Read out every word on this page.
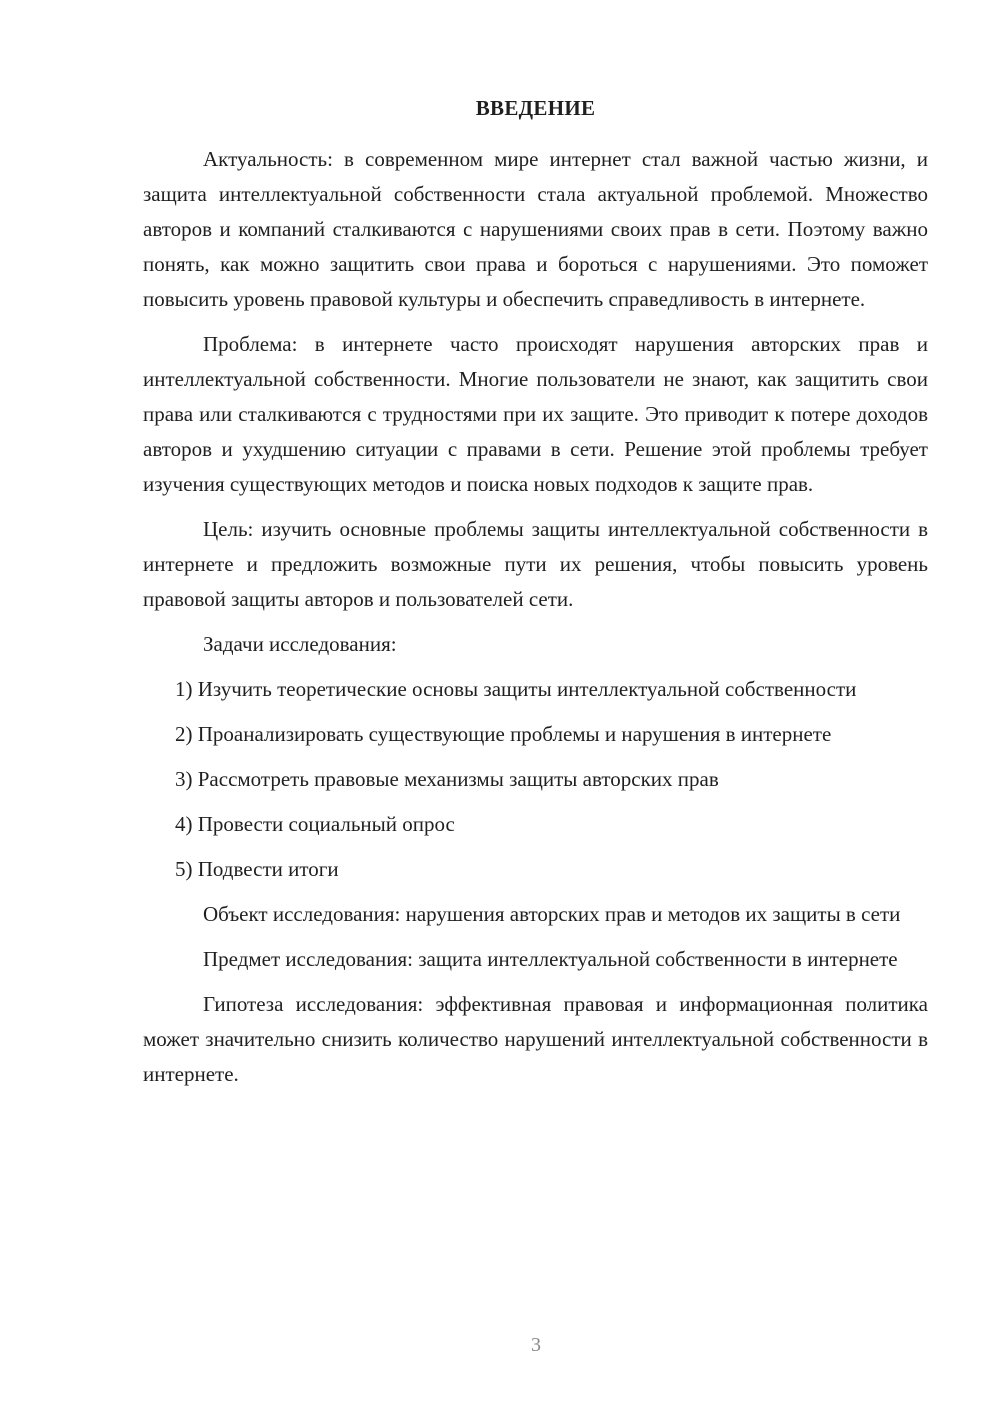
ВВЕДЕНИЕ

Актуальность: в современном мире интернет стал важной частью жизни, и защита интеллектуальной собственности стала актуальной проблемой. Множество авторов и компаний сталкиваются с нарушениями своих прав в сети. Поэтому важно понять, как можно защитить свои права и бороться с нарушениями. Это поможет повысить уровень правовой культуры и обеспечить справедливость в интернете.

Проблема: в интернете часто происходят нарушения авторских прав и интеллектуальной собственности. Многие пользователи не знают, как защитить свои права или сталкиваются с трудностями при их защите. Это приводит к потере доходов авторов и ухудшению ситуации с правами в сети. Решение этой проблемы требует изучения существующих методов и поиска новых подходов к защите прав.

Цель: изучить основные проблемы защиты интеллектуальной собственности в интернете и предложить возможные пути их решения, чтобы повысить уровень правовой защиты авторов и пользователей сети.

Задачи исследования:

1) Изучить теоретические основы защиты интеллектуальной собственности

2) Проанализировать существующие проблемы и нарушения в интернете

3) Рассмотреть правовые механизмы защиты авторских прав

4) Провести социальный опрос

5) Подвести итоги

Объект исследования: нарушения авторских прав и методов их защиты в сети

Предмет исследования: защита интеллектуальной собственности в интернете

Гипотеза исследования: эффективная правовая и информационная политика может значительно снизить количество нарушений интеллектуальной собственности в интернете.

3
